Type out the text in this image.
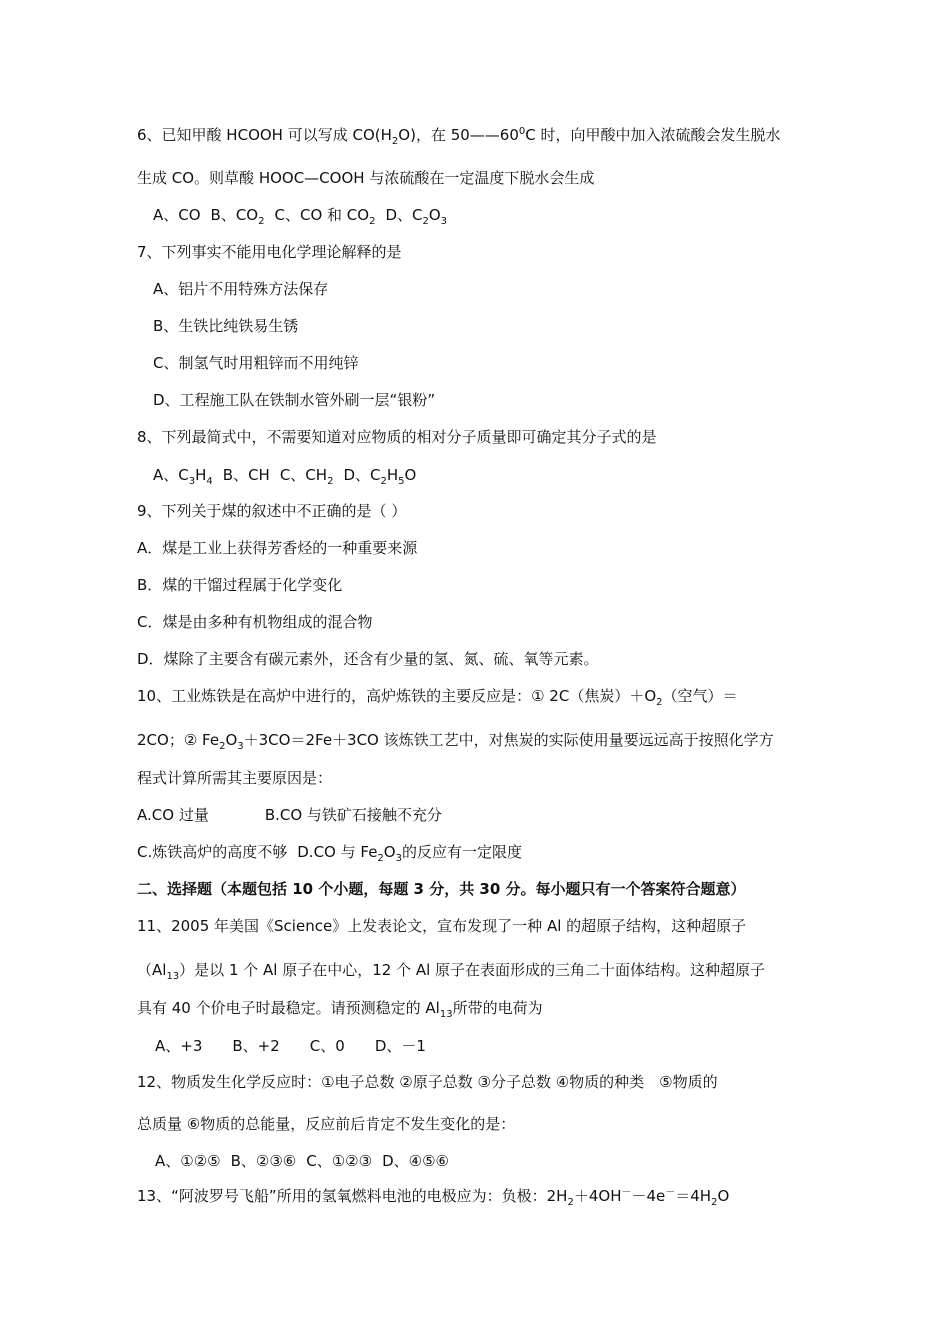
6、已知甲酸 HCOOH 可以写成 $CO(H_2O)$，在 $50——60^0C$ 时，向甲酸中加入浓硫酸会发生脱水
生成 CO。则草酸 HOOC—COOH 与浓硫酸在一定温度下脱水会生成
A、CO B、$CO_2$ C、CO 和 $CO_2$ D、$C_2O_3$
7、下列事实不能用电化学理论解释的是
A、铝片不用特殊方法保存
B、生铁比纯铁易生锈
C、制氢气时用粗锌而不用纯锌
D、工程施工队在铁制水管外刷一层“银粉”
8、下列最简式中，不需要知道对应物质的相对分子质量即可确定其分子式的是
A、$C_3H_4$ B、CH C、$CH_2$ D、$C_2H_5O$
9、下列关于煤的叙述中不正确的是（ ）
A．煤是工业上获得芳香烃的一种重要来源
B．煤的干馏过程属于化学变化
C．煤是由多种有机物组成的混合物
D．煤除了主要含有碳元素外，还含有少量的氢、氮、硫、氧等元素。
10、工业炼铁是在高炉中进行的，高炉炼铁的主要反应是：① 2C（焦炭）$+O_2$（空气）＝
2CO；② $Fe_2O_3+3CO=2Fe+3CO$ 该炼铁工艺中，对焦炭的实际使用量要远远高于按照化学方
程式计算所需其主要原因是：
A.CO 过量	B.CO 与铁矿石接触不充分
C.炼铁高炉的高度不够 D.CO 与 $Fe_2O_3$的反应有一定限度
二、选择题（本题包括 10 个小题，每题 3 分，共 30 分。每小题只有一个答案符合题意）
11、2005 年美国《Science》上发表论文，宣布发现了一种 Al 的超原子结构，这种超原子
$(Al_{13})$是以 1 个 Al 原子在中心，12 个 Al 原子在表面形成的三角二十面体结构。这种超原子
具有 40 个价电子时最稳定。请预测稳定的 $Al_{13}$所带的电荷为
A、+3 B、+2 C、0 D、－1
12、物质发生化学反应时：①电子总数 ②原子总数 ③分子总数 ④物质的种类　⑤物质的
总质量 ⑥物质的总能量，反应前后肯定不发生变化的是：
A、①②⑤ B、②③⑥ C、①②③ D、④⑤⑥
13、“阿波罗号飞船”所用的氢氧燃料电池的电极应为：负极：$2H_2+4OH^--4e^-=4H_2O$
